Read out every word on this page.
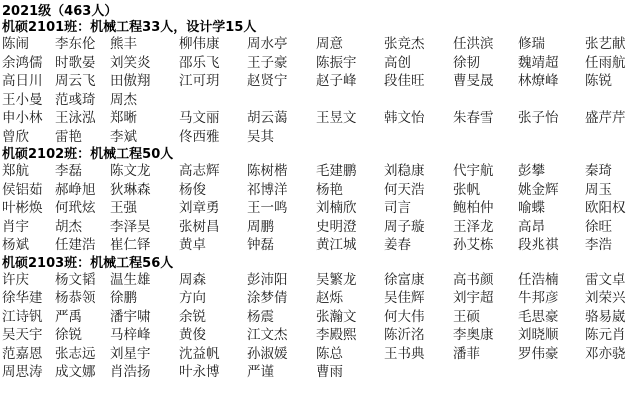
2021级（463人）
机硕2101班：机械工程33人，设计学15人
陈闹	李东伦	熊丰	柳伟康	周水亭	周意	张竞杰	任洪滨	修瑞	张艺献
余鸿儒 时歌晏	刘笑炎	邵乐飞	王子豪	陈振宇	高创	徐韧	魏靖超	任雨航
高日川 周云飞	田傲翔	江可玥	赵贤宁	赵子峰	段佳旺	曹旻晟	林燎峰	陈锐
王小曼 范彧琦	周杰
申小林 王泳泓	郑晰	马文丽	胡云蔼	王昱文	韩文怡	朱春雪	张子怡	盛芹芹
曾欣	雷艳	李斌	佟西雅	吴其
机硕2102班：机械工程50人
郑航	李磊	陈文龙	高志辉	陈树楷	毛建鹏	刘稳康	代宇航	彭攀	秦琦
侯铝茹 郝峥旭	狄琳森	杨俊	祁博洋	杨艳	何天浩	张帆	姚金辉	周玉
叶彬焕 何玳炫	王强	刘章勇	王一鸣	刘楠欣	司言	鲍柏仲	喻蝶	欧阳权
肖宇	胡杰	李泽昊	张树昌	周鹏	史明澄	周子璇	王泽龙	高昂	徐旺
杨斌	任建浩	崔仁铎	黄卓	钟磊	黄江城	姜春	孙艾栋	段兆祺	李浩
机硕2103班：机械工程56人
许庆	杨文韬	温生雄	周森	彭沛阳	吴繁龙	徐富康	高书颜	任浩楠	雷文卓
徐华建 杨恭领	徐鹏	方向	涂梦倩	赵烁	吴佳辉	刘宇超	牛邦彦	刘荣兴
江诗钒 严禹	潘宇啸	余锐	杨震	张瀚文	何大伟	王硕	毛思豪	骆易崴
吴天宇 徐锐	马梓峰	黄俊	江文杰	李殿熙	陈沂洺	李奥康	刘晓顺	陈元肖
范嘉恩 张志远	刘星宇	沈益帆	孙淑媛	陈总	王书典	潘菲	罗伟豪	邓亦骁
周思涛 成文娜	肖浩扬	叶永博	严谨	曹雨
